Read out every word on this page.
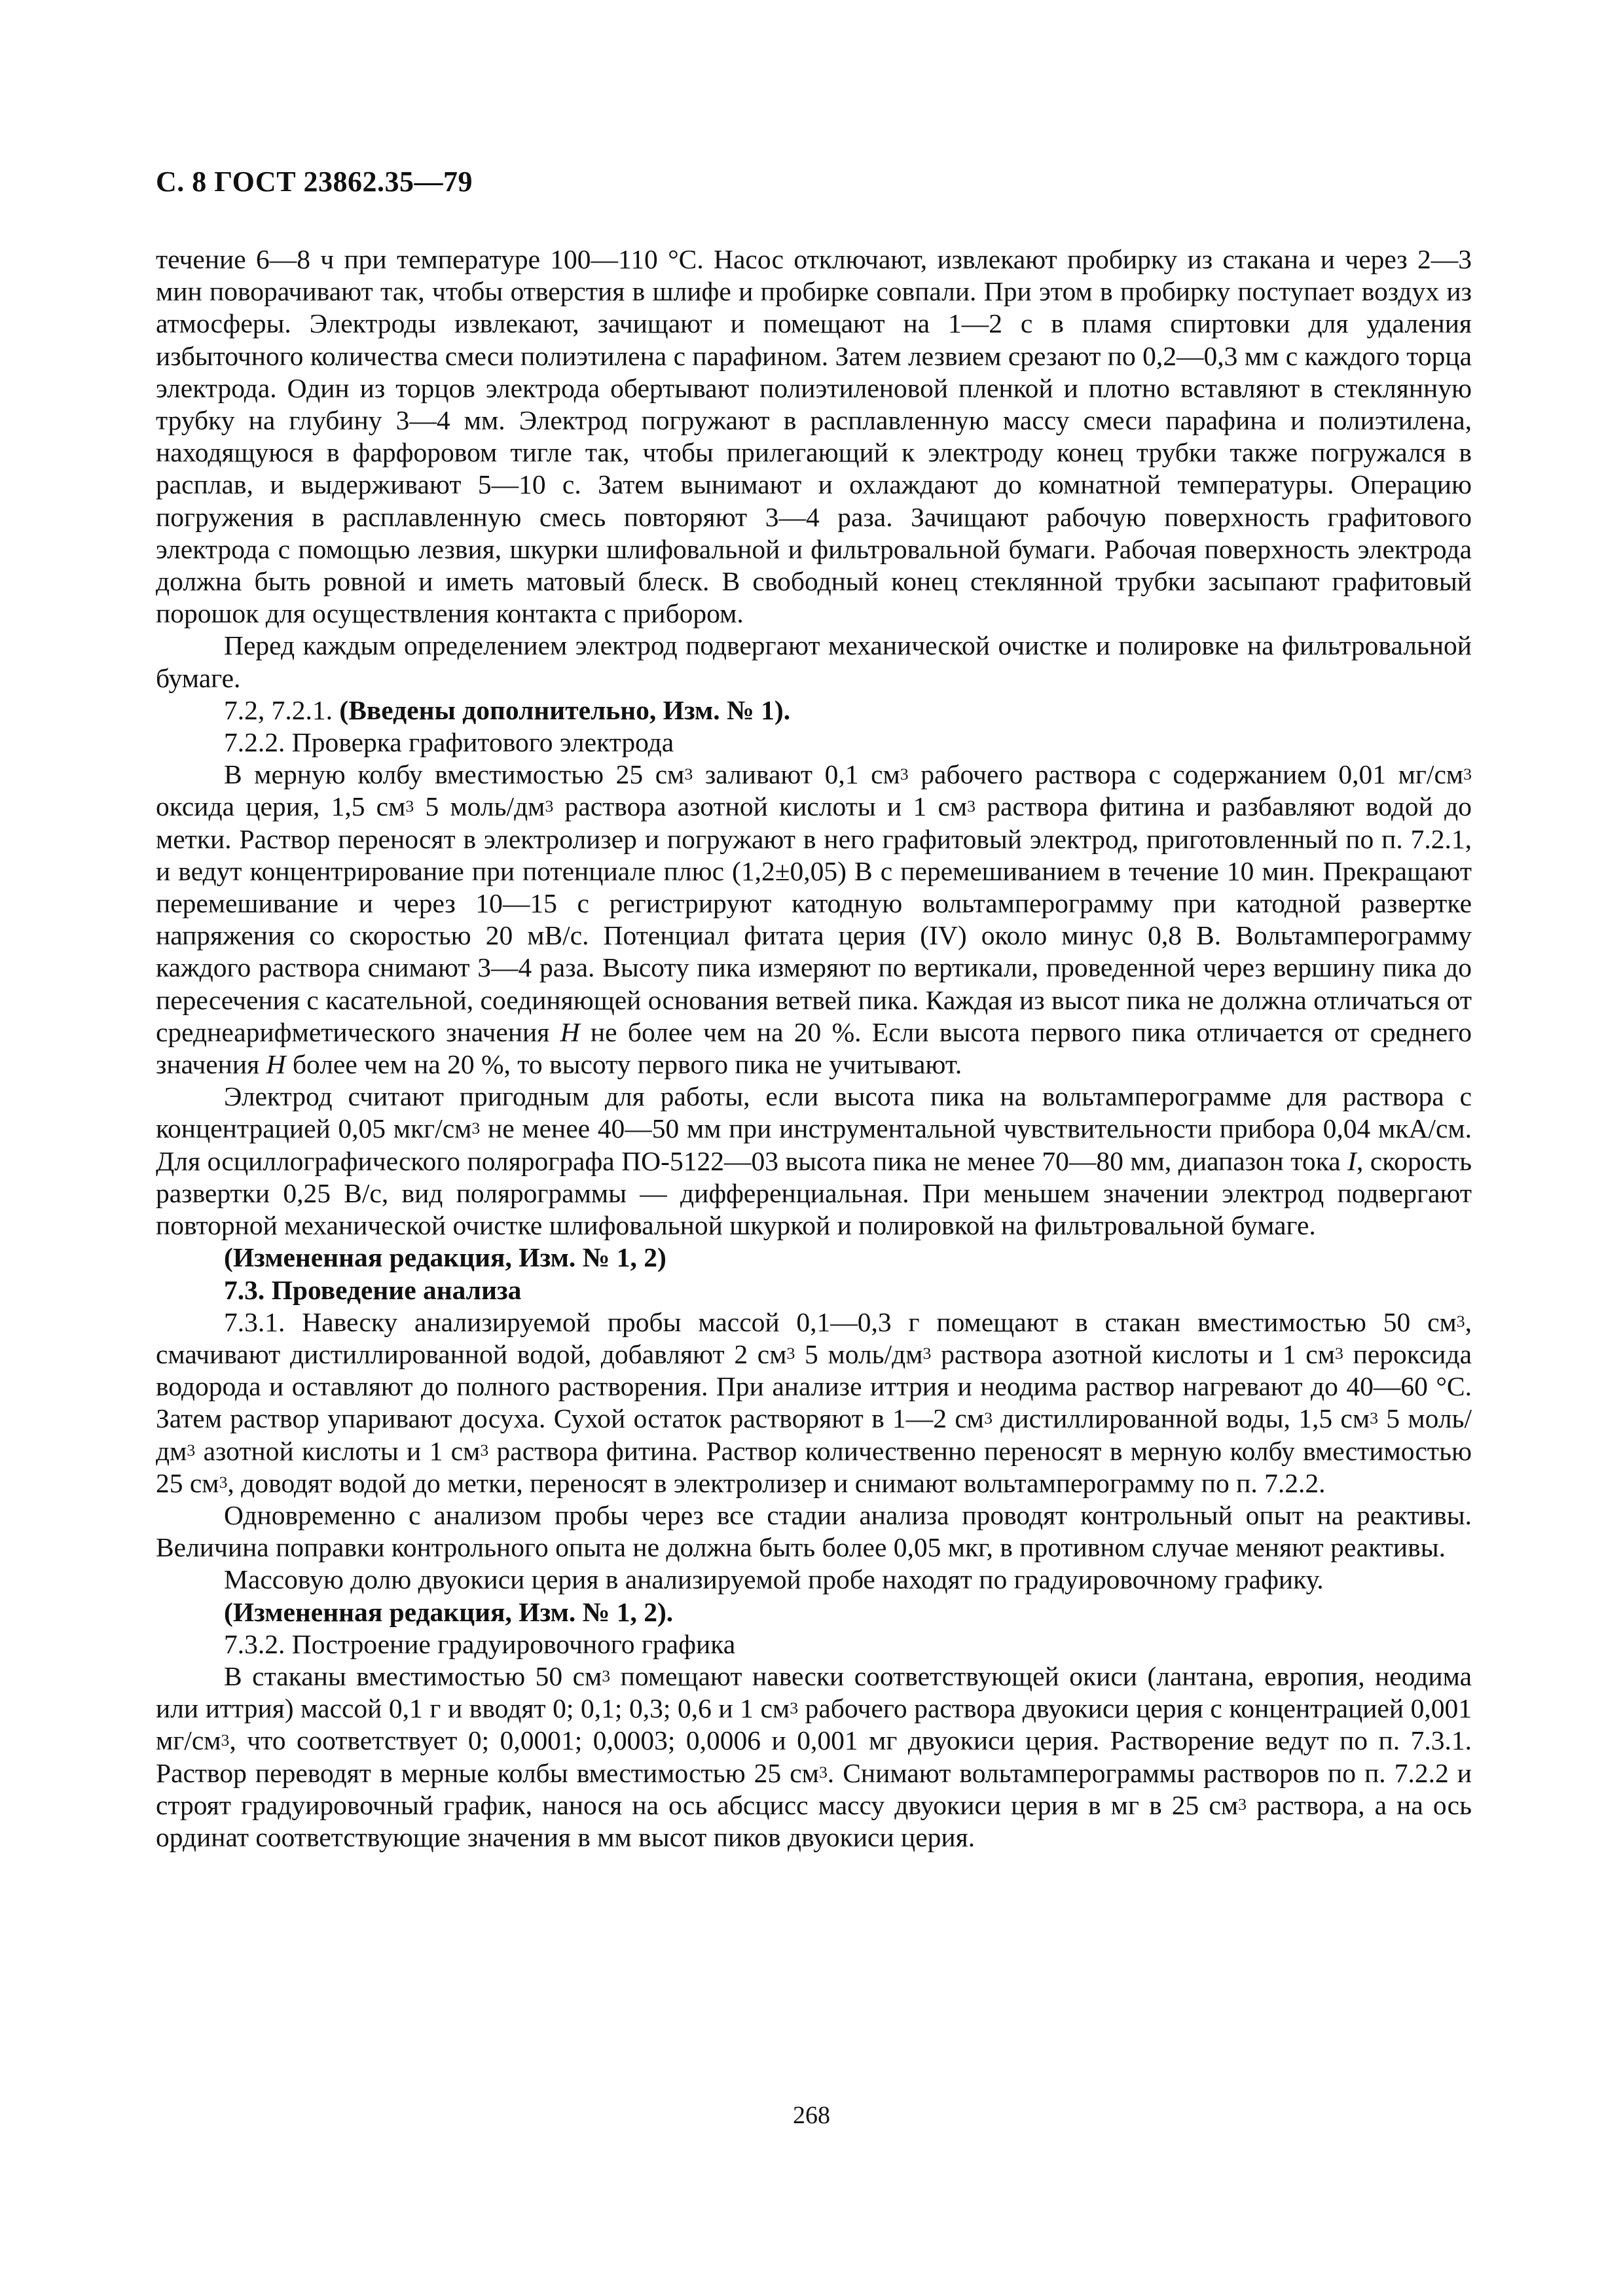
С. 8 ГОСТ 23862.35—79

течение 6—8 ч при температуре 100—110 °С. Насос отключают, извлекают пробирку из стакана и через 2—3 мин поворачивают так, чтобы отверстия в шлифе и пробирке совпали. При этом в пробирку поступает воздух из атмосферы. Электроды извлекают, зачищают и помещают на 1—2 с в пламя спиртовки для удаления избыточного количества смеси полиэтилена с парафином. Затем лезвием срезают по 0,2—0,3 мм с каждого торца электрода. Один из торцов электрода обертывают полиэтиленовой пленкой и плотно вставляют в стеклянную трубку на глубину 3—4 мм. Электрод погружают в расплавленную массу смеси парафина и полиэтилена, находящуюся в фарфоровом тигле так, чтобы прилегающий к электроду конец трубки также погружался в расплав, и выдерживают 5—10 с. Затем вынимают и охлаждают до комнатной температуры. Операцию погружения в расплавленную смесь повторяют 3—4 раза. Зачищают рабочую поверхность графитового электрода с помощью лезвия, шкурки шлифовальной и фильтровальной бумаги. Рабочая поверхность электрода должна быть ровной и иметь матовый блеск. В свободный конец стеклянной трубки засыпают графитовый порошок для осуществления контакта с прибором.

Перед каждым определением электрод подвергают механической очистке и полировке на фильтровальной бумаге.

7.2, 7.2.1. (Введены дополнительно, Изм. № 1).

7.2.2. Проверка графитового электрода

В мерную колбу вместимостью 25 $см^3$ заливают 0,1 $см^3$ рабочего раствора с содержанием 0,01 $мг/см^3$ оксида церия, 1,5 $см^3$ 5 моль/$дм^3$ раствора азотной кислоты и 1 $см^3$ раствора фитина и разбавляют водой до метки. Раствор переносят в электролизер и погружают в него графитовый электрод, приготовленный по п. 7.2.1, и ведут концентрирование при потенциале плюс (1,2±0,05) В с перемешиванием в течение 10 мин. Прекращают перемешивание и через 10—15 с регистрируют катодную вольтамперограмму при катодной развертке напряжения со скоростью 20 мВ/с. Потенциал фитата церия (IV) около минус 0,8 В. Вольтамперограмму каждого раствора снимают 3—4 раза. Высоту пика измеряют по вертикали, проведенной через вершину пика до пересечения с касательной, соединяющей основания ветвей пика. Каждая из высот пика не должна отличаться от среднеарифметического значения H не более чем на 20 %. Если высота первого пика отличается от среднего значения H более чем на 20 %, то высоту первого пика не учитывают.

Электрод считают пригодным для работы, если высота пика на вольтамперограмме для раствора с концентрацией 0,05 мкг/$см^3$ не менее 40—50 мм при инструментальной чувствительности прибора 0,04 мкА/см. Для осциллографического полярографа ПО-5122—03 высота пика не менее 70—80 мм, диапазон тока I, скорость развертки 0,25 В/с, вид полярограммы — дифференциальная. При меньшем значении электрод подвергают повторной механической очистке шлифовальной шкуркой и полировкой на фильтровальной бумаге.

(Измененная редакция, Изм. № 1, 2)

7.3. Проведение анализа

7.3.1. Навеску анализируемой пробы массой 0,1—0,3 г помещают в стакан вместимостью 50 $см^3$, смачивают дистиллированной водой, добавляют 2 $см^3$ 5 моль/$дм^3$ раствора азотной кислоты и 1 $см^3$ пероксида водорода и оставляют до полного растворения. При анализе иттрия и неодима раствор нагревают до 40—60 °С. Затем раствор упаривают досуха. Сухой остаток растворяют в 1—2 $см^3$ дистиллированной воды, 1,5 $см^3$ 5 моль/$дм^3$ азотной кислоты и 1 $см^3$ раствора фитина. Раствор количественно переносят в мерную колбу вместимостью 25 $см^3$, доводят водой до метки, переносят в электролизер и снимают вольтамперограмму по п. 7.2.2.

Одновременно с анализом пробы через все стадии анализа проводят контрольный опыт на реактивы. Величина поправки контрольного опыта не должна быть более 0,05 мкг, в противном случае меняют реактивы.

Массовую долю двуокиси церия в анализируемой пробе находят по градуировочному графику.

(Измененная редакция, Изм. № 1, 2).

7.3.2. Построение градуировочного графика

В стаканы вместимостью 50 $см^3$ помещают навески соответствующей окиси (лантана, европия, неодима или иттрия) массой 0,1 г и вводят 0; 0,1; 0,3; 0,6 и 1 $см^3$ рабочего раствора двуокиси церия с концентрацией 0,001 $мг/см^3$, что соответствует 0; 0,0001; 0,0003; 0,0006 и 0,001 мг двуокиси церия. Растворение ведут по п. 7.3.1. Раствор переводят в мерные колбы вместимостью 25 $см^3$. Снимают вольтамперограммы растворов по п. 7.2.2 и строят градуировочный график, нанося на ось абсцисс массу двуокиси церия в мг в 25 $см^3$ раствора, а на ось ординат соответствующие значения в мм высот пиков двуокиси церия.

268
